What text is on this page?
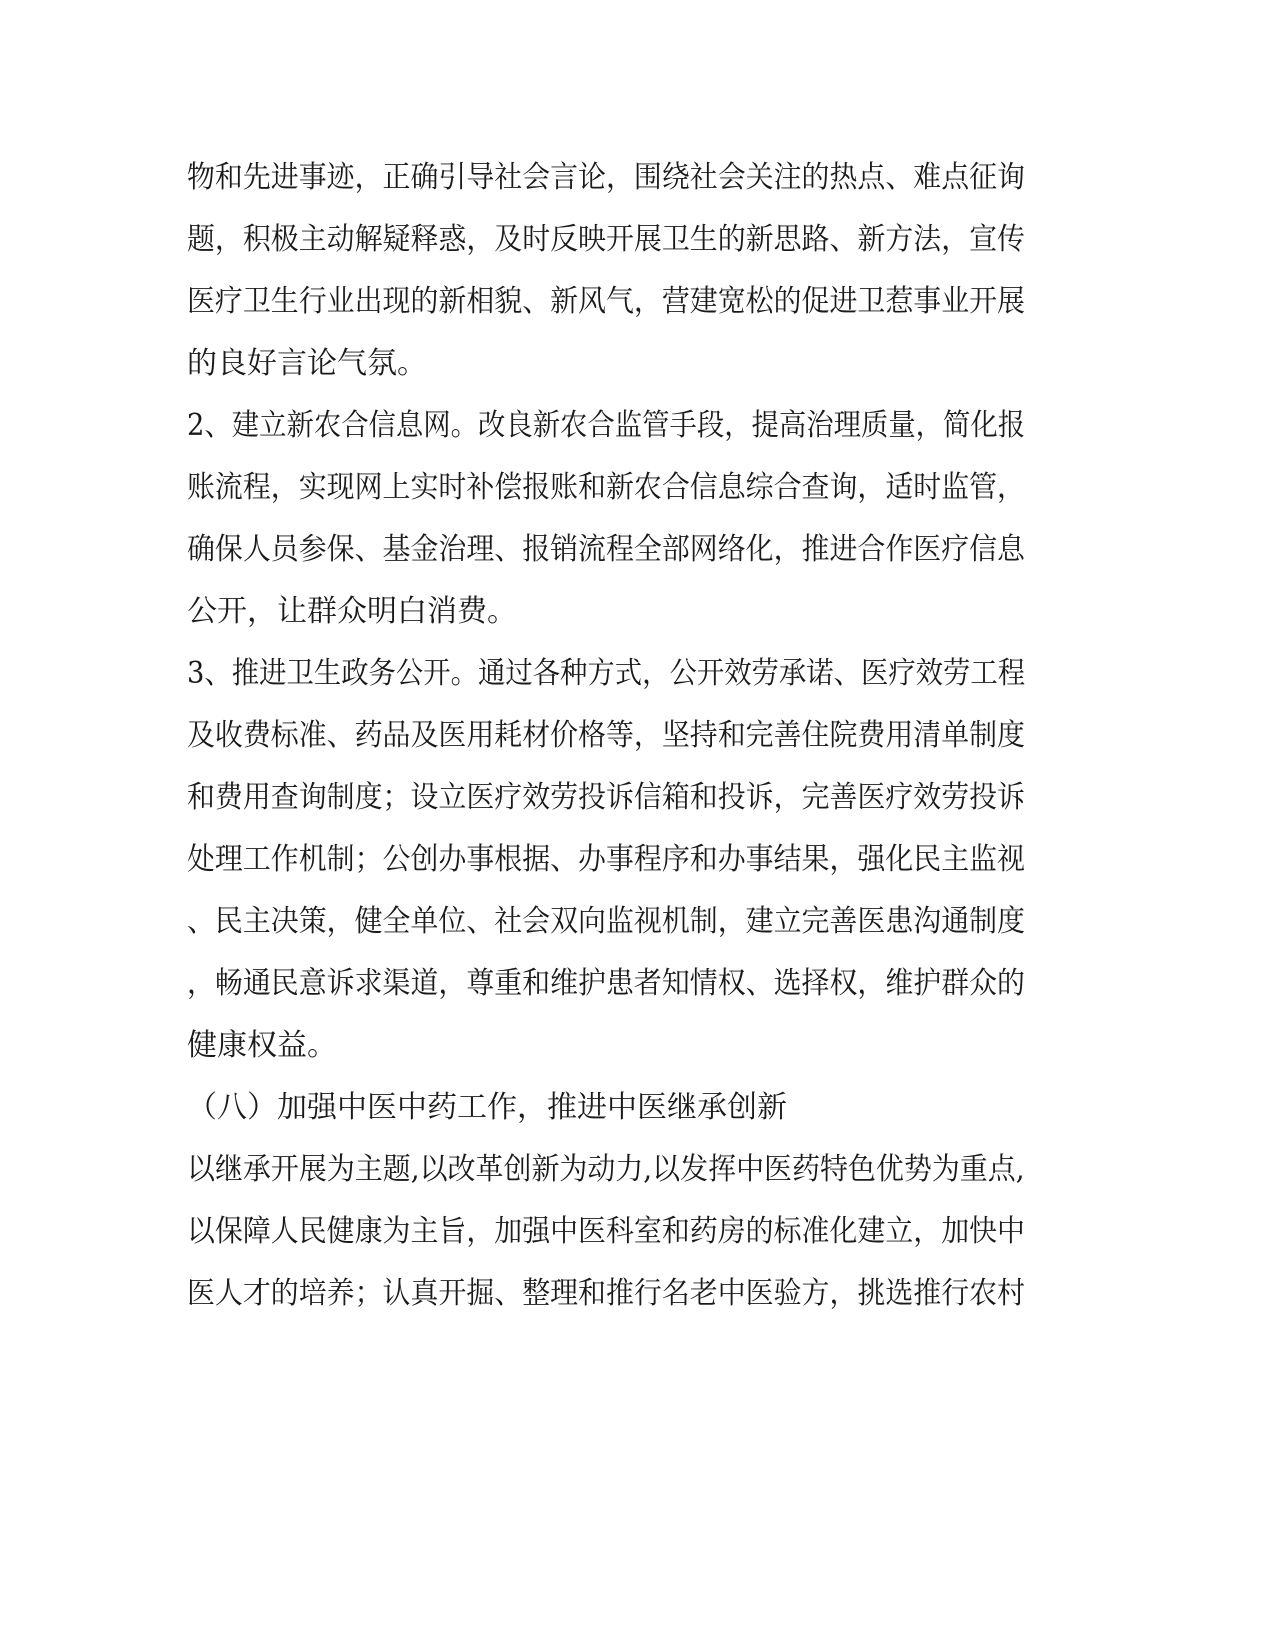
物和先进事迹，正确引导社会言论，围绕社会关注的热点、难点征询
题，积极主动解疑释惑，及时反映开展卫生的新思路、新方法，宣传
医疗卫生行业出现的新相貌、新风气，营建宽松的促进卫惹事业开展
的良好言论气氛。
2、建立新农合信息网。改良新农合监管手段，提高治理质量，简化报
账流程，实现网上实时补偿报账和新农合信息综合查询，适时监管，
确保人员参保、基金治理、报销流程全部网络化，推进合作医疗信息
公开，让群众明白消费。
3、推进卫生政务公开。通过各种方式，公开效劳承诺、医疗效劳工程
及收费标准、药品及医用耗材价格等，坚持和完善住院费用清单制度
和费用查询制度；设立医疗效劳投诉信箱和投诉，完善医疗效劳投诉
处理工作机制；公创办事根据、办事程序和办事结果，强化民主监视
、民主决策，健全单位、社会双向监视机制，建立完善医患沟通制度
，畅通民意诉求渠道，尊重和维护患者知情权、选择权，维护群众的
健康权益。
（八）加强中医中药工作，推进中医继承创新
以继承开展为主题,以改革创新为动力,以发挥中医药特色优势为重点,
以保障人民健康为主旨，加强中医科室和药房的标准化建立，加快中
医人才的培养；认真开掘、整理和推行名老中医验方，挑选推行农村
